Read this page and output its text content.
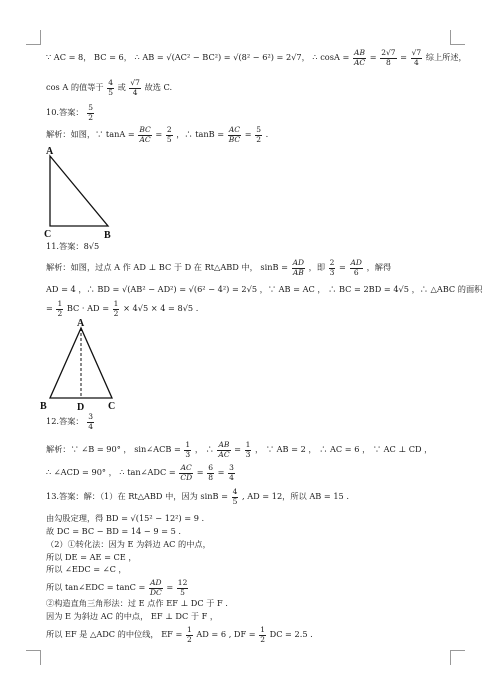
∵ AC = 8， BC = 6， ∴ AB = √(AC² − BC²) = √(8² − 6²) = 2√7， ∴ $\cos A = \frac{AB}{AC} = \frac{2√7}{8} = \frac{√7}{4}$ 综上所述，
cos A 的值等于 $\frac{4}{5}$ 或 $\frac{√7}{4}$ 故选 C.
10.答案： $\frac{5}{2}$
解析：如图，∵ $\tan A = \frac{BC}{AC} = \frac{2}{5}$ ，∴ $\tan B = \frac{AC}{BC} = \frac{5}{2}$ .
A
C	B
11.答案：8√5
解析：如图，过点 A 作 AD ⊥ BC 于 D 在 Rt△ABD 中， $\sin B = \frac{AD}{AB}$ ，即 $\frac{2}{3} = \frac{AD}{6}$ ，解得
AD = 4 ，∴ BD = √(AB² − AD²) = √(6² − 4²) = 2√5 ，∵ AB = AC ， ∴ BC = 2BD = 4√5 ，∴ △ABC 的面积
= $\frac{1}{2}$ BC · AD = $\frac{1}{2} \times 4√5 \times 4 = 8√5$ .
A
B	D C
12.答案： $\frac{3}{4}$
解析：∵ ∠B = 90° ， sin∠ACB = $\frac{1}{3}$ ， ∴ $\frac{AB}{AC} = \frac{1}{3}$ ， ∵ AB = 2 ， ∴ AC = 6 ， ∵ AC ⊥ CD ，
∴ ∠ACD = 90° ， ∴ tan∠ADC = $\frac{AC}{CD} = \frac{6}{8} = \frac{3}{4}$
13.答案：解：（1）在 Rt△ABD 中，因为 $\sin B = \frac{4}{5}$ , AD = 12，所以 AB = 15 .
由勾股定理，得 BD = √(15² − 12²) = 9 .
故 DC = BC − BD = 14 − 9 = 5 .
（2）①转化法：因为 E 为斜边 AC 的中点，
所以 DE = AE = CE ，
所以 ∠EDC = ∠C ，
所以 tan∠EDC = $\tan C = \frac{AD}{DC} = \frac{12}{5}$
②构造直角三角形法：过 E 点作 EF ⊥ DC 于 F .
因为 E 为斜边 AC 的中点， EF ⊥ DC 于 F ，
所以 EF 是 △ADC 的中位线， EF = $\frac{1}{2}$ AD = 6 , DF = $\frac{1}{2}$ DC = 2.5 .
